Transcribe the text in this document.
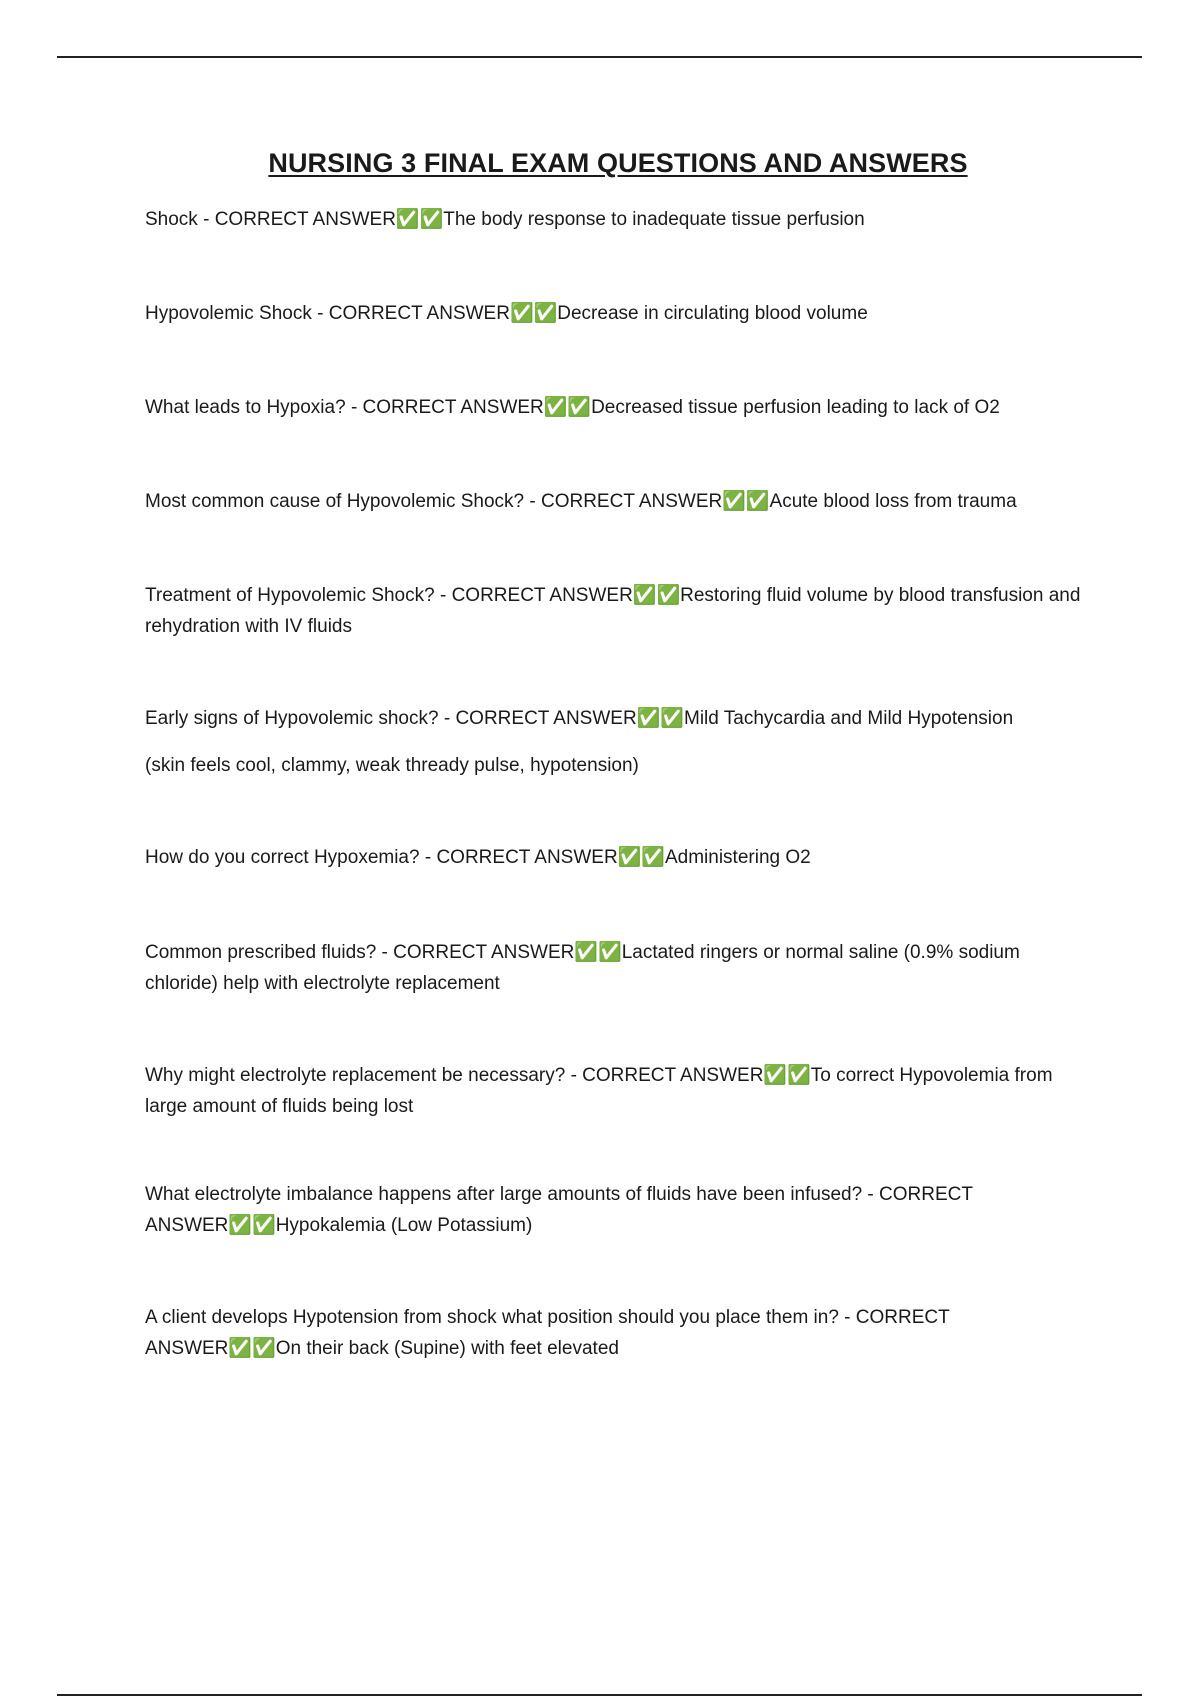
NURSING 3 FINAL EXAM QUESTIONS AND ANSWERS

Shock - CORRECT ANSWER✅✅The body response to inadequate tissue perfusion

Hypovolemic Shock - CORRECT ANSWER✅✅Decrease in circulating blood volume

What leads to Hypoxia? - CORRECT ANSWER✅✅Decreased tissue perfusion leading to lack of O2

Most common cause of Hypovolemic Shock? - CORRECT ANSWER✅✅Acute blood loss from trauma

Treatment of Hypovolemic Shock? - CORRECT ANSWER✅✅Restoring fluid volume by blood transfusion and rehydration with IV fluids

Early signs of Hypovolemic shock? - CORRECT ANSWER✅✅Mild Tachycardia and Mild Hypotension

(skin feels cool, clammy, weak thready pulse, hypotension)

How do you correct Hypoxemia? - CORRECT ANSWER✅✅Administering O2

Common prescribed fluids? - CORRECT ANSWER✅✅Lactated ringers or normal saline (0.9% sodium chloride) help with electrolyte replacement

Why might electrolyte replacement be necessary? - CORRECT ANSWER✅✅To correct Hypovolemia from large amount of fluids being lost

What electrolyte imbalance happens after large amounts of fluids have been infused? - CORRECT ANSWER✅✅Hypokalemia (Low Potassium)

A client develops Hypotension from shock what position should you place them in? - CORRECT ANSWER✅✅On their back (Supine) with feet elevated
